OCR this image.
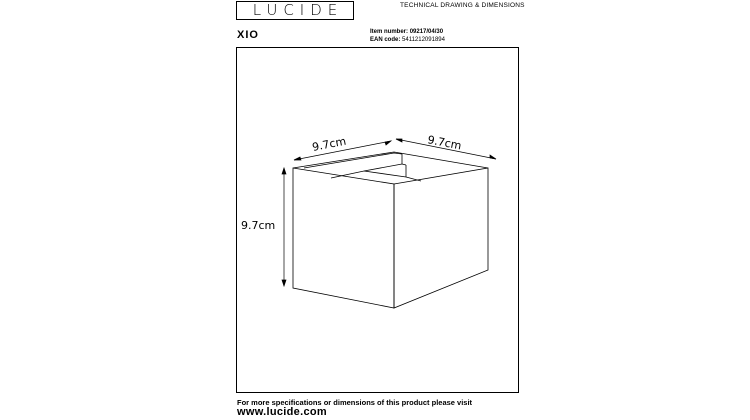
LUCIDE	TECHNICAL DRAWING & DIMENSIONS
XIO	Item number: 09217/04/30
EAN code: 5411212091894
9.7cm	9.7cm
9.7cm
For more specifications or dimensions of this product please visit
www.lucide.com
